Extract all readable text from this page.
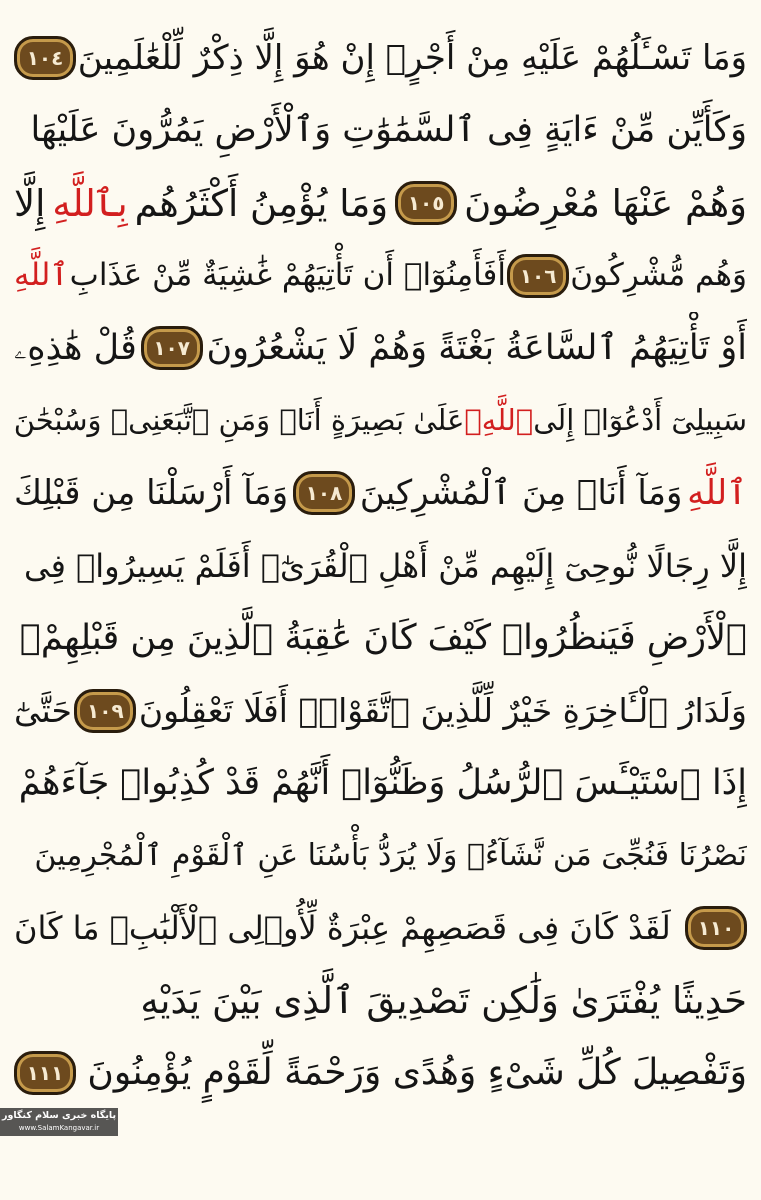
وَمَا تَسْـَٔلُهُمْ عَلَيْهِ مِنْ أَجْرٍۚ إِنْ هُوَ إِلَّا ذِكْرٌ لِّلْعَٰلَمِينَ
١٠٤
وَكَأَيِّن مِّنْ ءَايَةٍ فِى ٱلسَّمَٰوَٰتِ وَٱلْأَرْضِ يَمُرُّونَ عَلَيْهَا
وَهُمْ عَنْهَا مُعْرِضُونَ
١٠٥
وَمَا يُؤْمِنُ أَكْثَرُهُم
بِٱللَّهِ
إِلَّا
وَهُم مُّشْرِكُونَ
١٠٦
أَفَأَمِنُوٓا۟ أَن تَأْتِيَهُمْ غَٰشِيَةٌ مِّنْ عَذَابِ
ٱللَّهِ
أَوْ تَأْتِيَهُمُ ٱلسَّاعَةُ بَغْتَةً وَهُمْ لَا يَشْعُرُونَ
١٠٧
قُلْ هَٰذِهِۦ
سَبِيلِىٓ أَدْعُوٓا۟ إِلَى
ٱللَّهِۚ
عَلَىٰ بَصِيرَةٍ أَنَا۠ وَمَنِ ٱتَّبَعَنِىۖ وَسُبْحَٰنَ
ٱللَّهِ
وَمَآ أَنَا۠ مِنَ ٱلْمُشْرِكِينَ
١٠٨
وَمَآ أَرْسَلْنَا مِن قَبْلِكَ
إِلَّا رِجَالًا نُّوحِىٓ إِلَيْهِم مِّنْ أَهْلِ ٱلْقُرَىٰٓۗ أَفَلَمْ يَسِيرُوا۟ فِى
ٱلْأَرْضِ فَيَنظُرُوا۟ كَيْفَ كَانَ عَٰقِبَةُ ٱلَّذِينَ مِن قَبْلِهِمْۗ
وَلَدَارُ ٱلْـَٔاخِرَةِ خَيْرٌ لِّلَّذِينَ ٱتَّقَوْا۟ۚ أَفَلَا تَعْقِلُونَ
١٠٩
حَتَّىٰٓ
إِذَا ٱسْتَيْـَٔسَ ٱلرُّسُلُ وَظَنُّوٓا۟ أَنَّهُمْ قَدْ كُذِبُوا۟ جَآءَهُمْ
نَصْرُنَا فَنُجِّىَ مَن نَّشَآءُۖ وَلَا يُرَدُّ بَأْسُنَا عَنِ ٱلْقَوْمِ ٱلْمُجْرِمِينَ
١١٠
لَقَدْ كَانَ فِى قَصَصِهِمْ عِبْرَةٌ لِّأُو۟لِى ٱلْأَلْبَٰبِۗ مَا كَانَ
حَدِيثًا يُفْتَرَىٰ وَلَٰكِن تَصْدِيقَ ٱلَّذِى بَيْنَ يَدَيْهِ
وَتَفْصِيلَ كُلِّ شَىْءٍ وَهُدًى وَرَحْمَةً لِّقَوْمٍ يُؤْمِنُونَ
١١١
پایگاه خبری سلام کنگاور
www.SalamKangavar.ir
